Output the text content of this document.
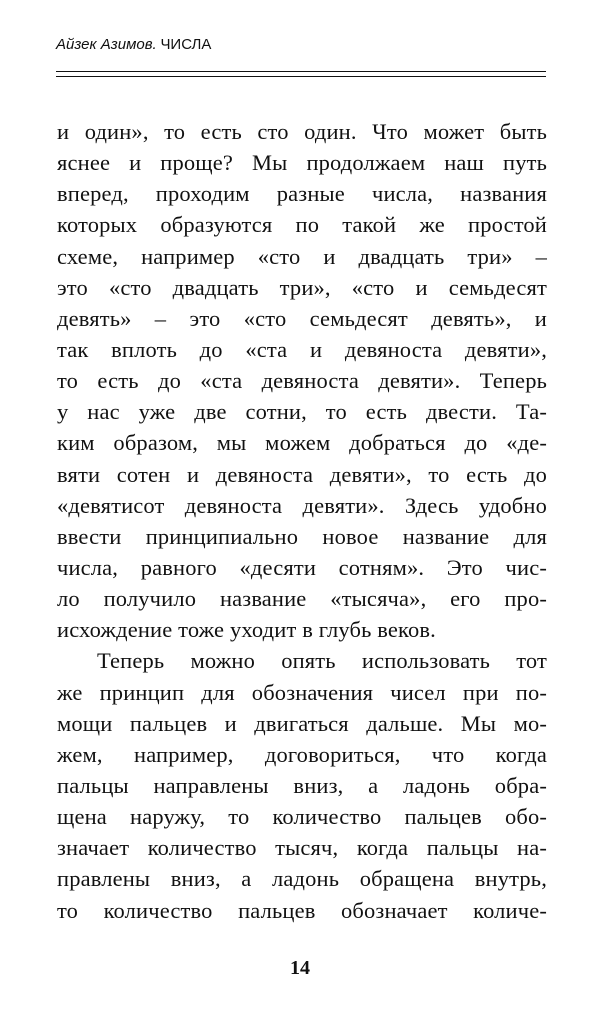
Айзек Азимов. ЧИСЛА
и один», то есть сто один. Что может быть
яснее и проще? Мы продолжаем наш путь
вперед, проходим разные числа, названия
которых образуются по такой же простой
схеме, например «сто и двадцать три» –
это «сто двадцать три», «сто и семьдесят
девять» – это «сто семьдесят девять», и
так вплоть до «ста и девяноста девяти»,
то есть до «ста девяноста девяти». Теперь
у нас уже две сотни, то есть двести. Та-
ким образом, мы можем добраться до «де-
вяти сотен и девяноста девяти», то есть до
«девятисот девяноста девяти». Здесь удобно
ввести принципиально новое название для
числа, равного «десяти сотням». Это чис-
ло получило название «тысяча», его про-
исхождение тоже уходит в глубь веков.
Теперь можно опять использовать тот
же принцип для обозначения чисел при по-
мощи пальцев и двигаться дальше. Мы мо-
жем, например, договориться, что когда
пальцы направлены вниз, а ладонь обра-
щена наружу, то количество пальцев обо-
значает количество тысяч, когда пальцы на-
правлены вниз, а ладонь обращена внутрь,
то количество пальцев обозначает количе-
14
